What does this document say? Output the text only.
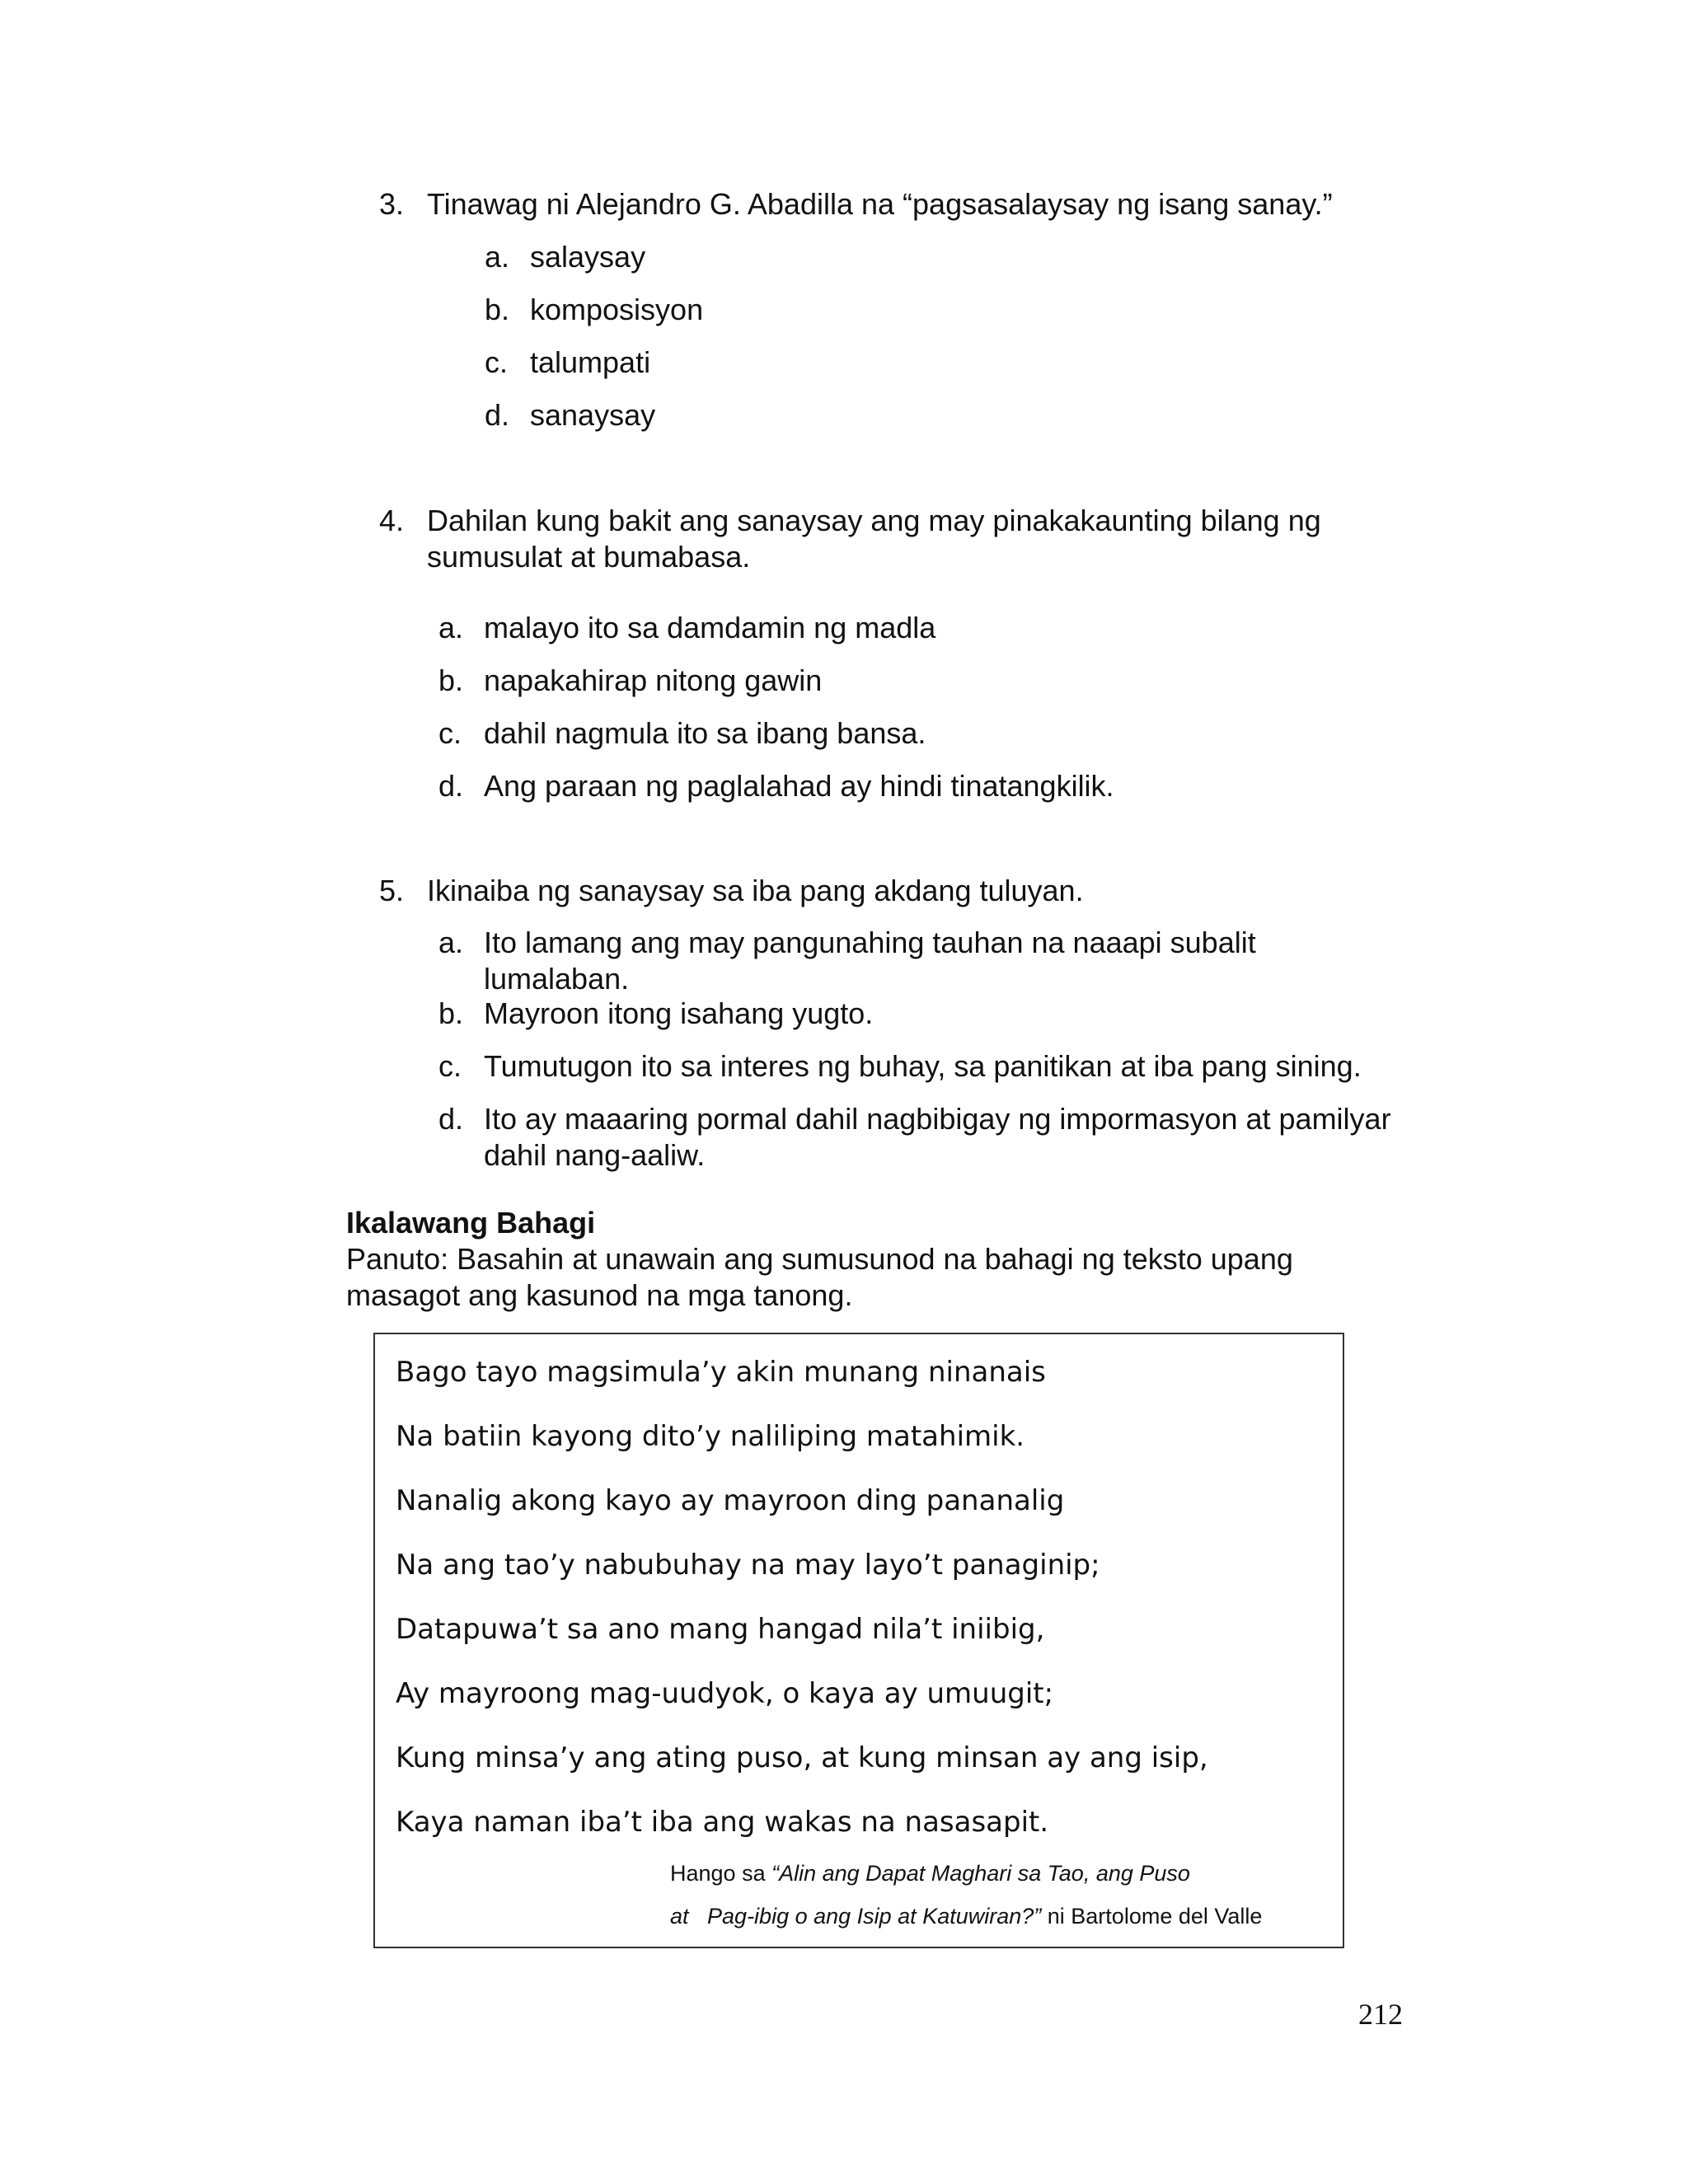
3. Tinawag ni Alejandro G. Abadilla na “pagsasalaysay ng isang sanay.”
a. salaysay
b. komposisyon
c. talumpati
d. sanaysay
4. Dahilan kung bakit ang sanaysay ang may pinakakaunting bilang ng sumusulat at bumabasa.
a. malayo ito sa damdamin ng madla
b. napakahirap nitong gawin
c. dahil nagmula ito sa ibang bansa.
d. Ang paraan ng paglalahad ay hindi tinatangkilik.
5. Ikinaiba ng sanaysay sa iba pang akdang tuluyan.
a. Ito lamang ang may pangunahing tauhan na naaapi subalit lumalaban.
b. Mayroon itong isahang yugto.
c. Tumutugon ito sa interes ng buhay, sa panitikan at iba pang sining.
d. Ito ay maaaring pormal dahil nagbibigay ng impormasyon at pamilyar dahil nang-aaliw.
Ikalawang Bahagi
Panuto: Basahin at unawain ang sumusunod na bahagi ng teksto upang masagot ang kasunod na mga tanong.
Bago tayo magsimula’y akin munang ninanais
Na batiin kayong dito’y naliliping matahimik.
Nanalig akong kayo ay mayroon ding pananalig
Na ang tao’y nabubuhay na may layo’t panaginip;
Datapuwa’t sa ano mang hangad nila’t iniibig,
Ay mayroong mag-uudyok, o kaya ay umuugit;
Kung minsa’y ang ating puso, at kung minsan ay ang isip,
Kaya naman iba’t iba ang wakas na nasasapit.
Hango sa “Alin ang Dapat Maghari sa Tao, ang Puso
at   Pag-ibig o ang Isip at Katuwiran?” ni Bartolome del Valle
212
